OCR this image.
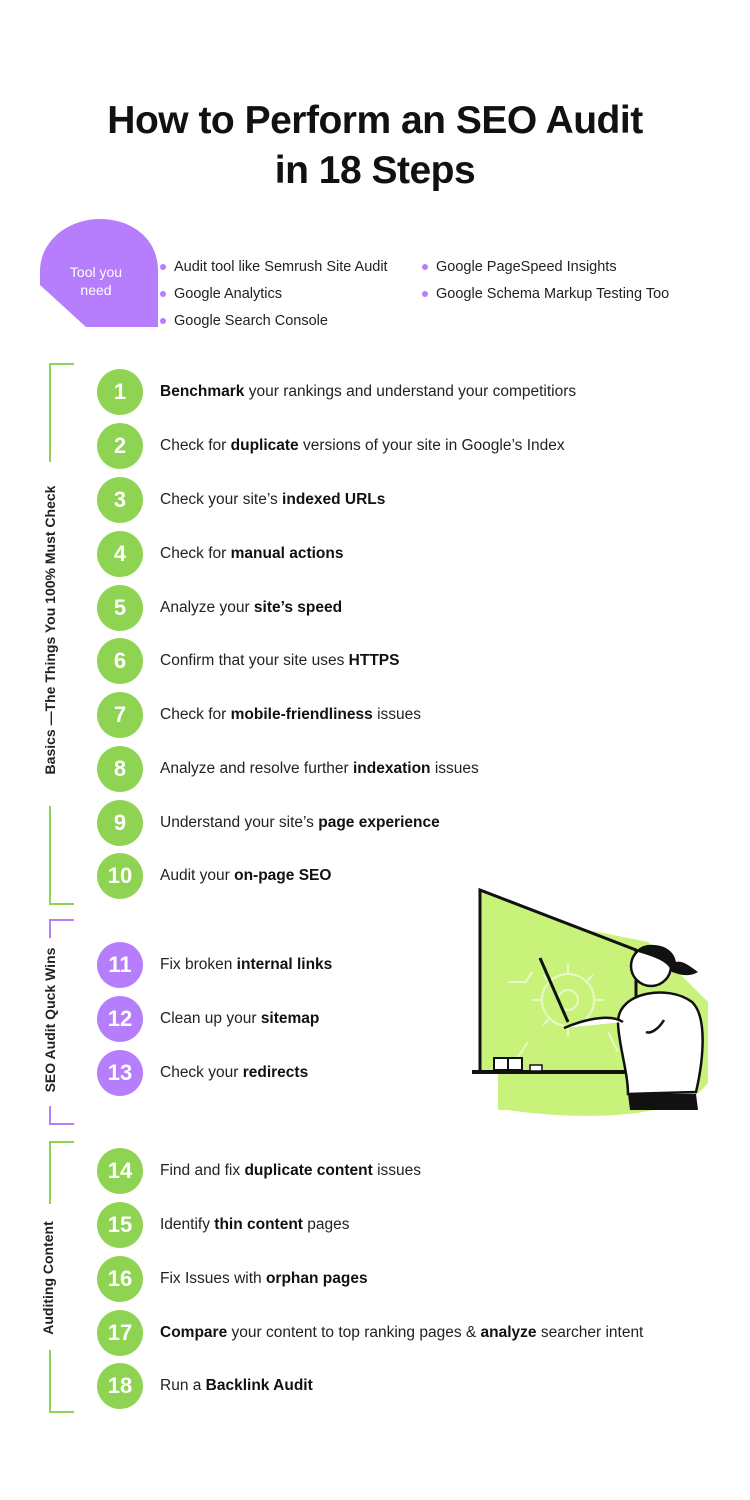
How to Perform an SEO Audit
in 18 Steps
Tool you need
Audit tool like Semrush Site Audit
Google Analytics
Google Search Console
Google PageSpeed Insights
Google Schema Markup Testing Too
Basics —The Things You 100% Must Check
SEO Audit Quck Wins
Auditing Content
1	Benchmark your rankings and understand your competitiors
2	Check for duplicate versions of your site in Google’s Index
3	Check your site’s indexed URLs
4	Check for manual actions
5	Analyze your site’s speed
6	Confirm that your site uses HTTPS
7	Check for mobile-friendliness issues
8	Analyze and resolve further indexation issues
9	Understand your site’s page experience
10	Audit your on-page SEO
11	Fix broken internal links
12	Clean up your sitemap
13	Check your redirects
14	Find and fix duplicate content issues
15	Identify thin content pages
16	Fix Issues with orphan pages
17	Compare your content to top ranking pages & analyze searcher intent
18	Run a Backlink Audit
